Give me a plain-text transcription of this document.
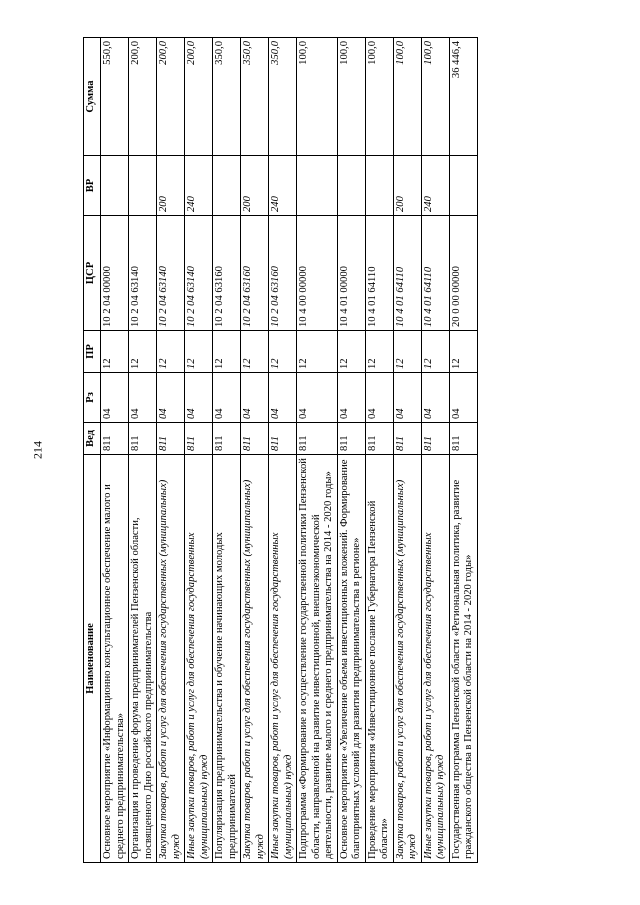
214
Наименование	Вед	Рз	ПР	ЦСР	ВР	Сумма
Основное мероприятие «Информационно консультационное обеспечение малого и среднего предпринимательства»	811	04	12	10 2 04 00000		550,0
Организация и проведение форума предпринимателей Пензенской области, посвященного Дню российского предпринимательства	811	04	12	10 2 04 63140		200,0
Закупка товаров, работ и услуг для обеспечения государственных (муниципальных) нужд	811	04	12	10 2 04 63140	200	200,0
Иные закупки товаров, работ и услуг для обеспечения государственных (муниципальных) нужд	811	04	12	10 2 04 63140	240	200,0
Популяризация предпринимательства и обучение начинающих молодых предпринимателей	811	04	12	10 2 04 63160		350,0
Закупка товаров, работ и услуг для обеспечения государственных (муниципальных) нужд	811	04	12	10 2 04 63160	200	350,0
Иные закупки товаров, работ и услуг для обеспечения государственных (муниципальных) нужд	811	04	12	10 2 04 63160	240	350,0
Подпрограмма «Формирование и осуществление государственной политики Пензенской области, направленной на развитие инвестиционной, внешнеэкономической деятельности, развитие малого и среднего предпринимательства на 2014 - 2020 годы»	811	04	12	10 4 00 00000		100,0
Основное мероприятие «Увеличение объема инвестиционных вложений. Формирование благоприятных условий для развития предпринимательства в регионе»	811	04	12	10 4 01 00000		100,0
Проведение мероприятия «Инвестиционное послание Губернатора Пензенской области»	811	04	12	10 4 01 64110		100,0
Закупка товаров, работ и услуг для обеспечения государственных (муниципальных) нужд	811	04	12	10 4 01 64110	200	100,0
Иные закупки товаров, работ и услуг для обеспечения государственных (муниципальных) нужд	811	04	12	10 4 01 64110	240	100,0
Государственная программа Пензенской области «Региональная политика, развитие гражданского общества в Пензенской области на 2014 - 2020 годы»	811	04	12	20 0 00 00000		36 446,4
